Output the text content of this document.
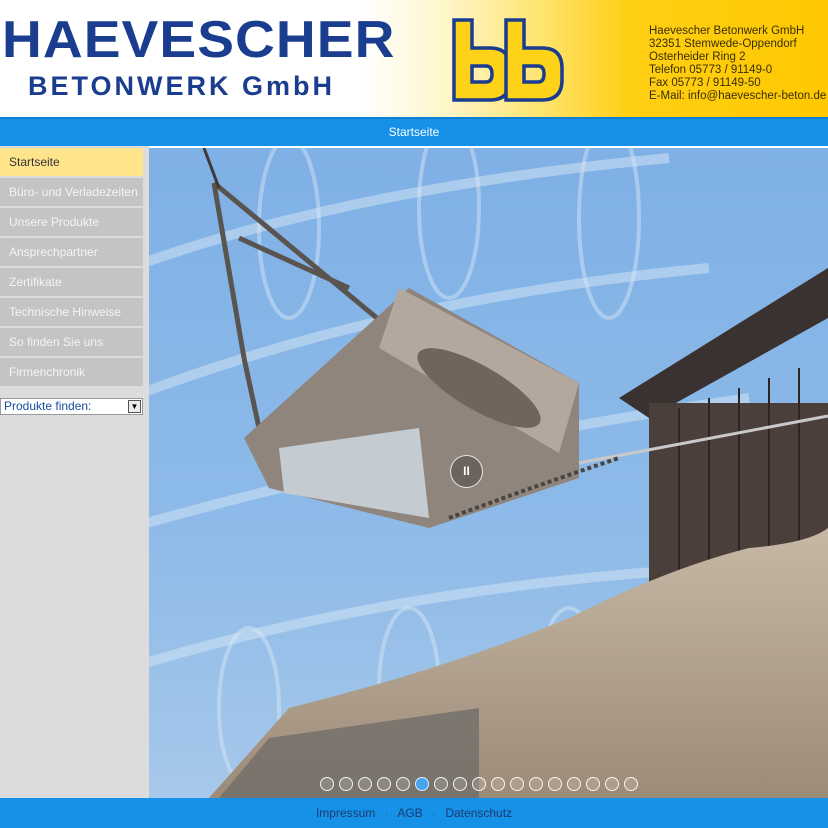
HAEVESCHER
BETONWERK GmbH
Haevescher Betonwerk GmbH
32351 Stemwede-Oppendorf
Osterheider Ring 2
Telefon 05773 / 91149-0
Fax 05773 / 91149-50
E-Mail: info@haevescher-beton.de
Startseite
Startseite
Büro- und Verladezeiten
Unsere Produkte
Ansprechpartner
Zertifikate
Technische Hinweise
So finden Sie uns
Firmenchronik
Produkte finden:	▼
II
Impressum · AGB · Datenschutz
